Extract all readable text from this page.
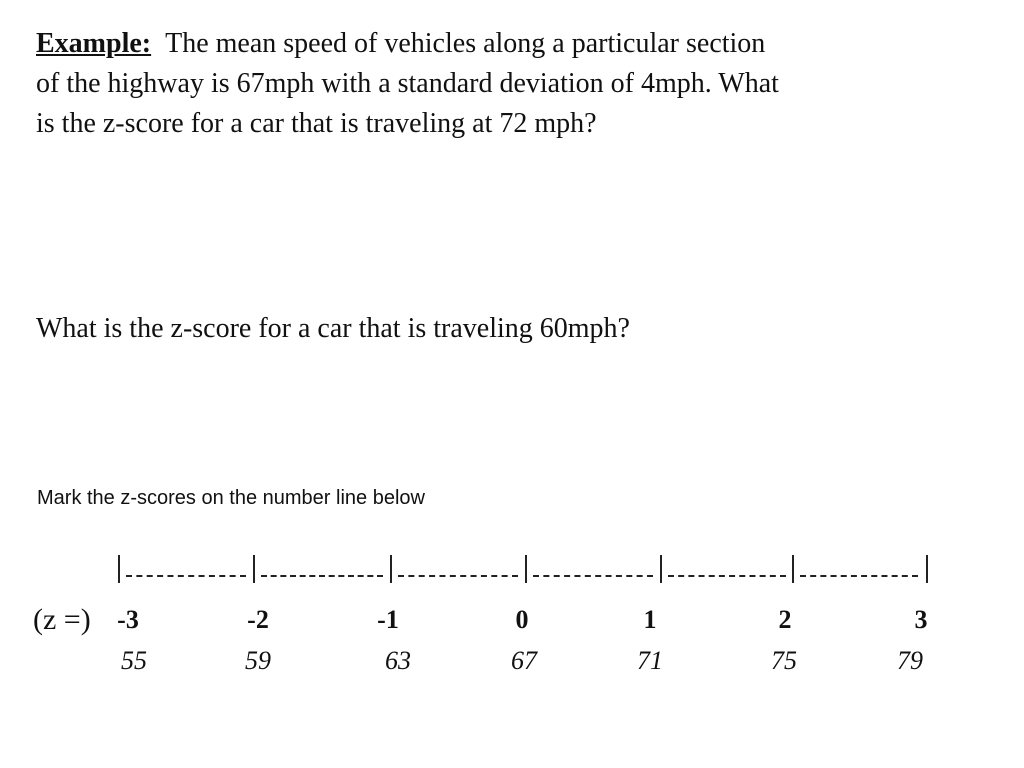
Example: The mean speed of vehicles along a particular section
of the highway is 67mph with a standard deviation of 4mph. What
is the z-score for a car that is traveling at 72 mph?
What is the z-score for a car that is traveling 60mph?
Mark the z-scores on the number line below
(z =) -3	-2	-1	0	1	2	3
55	59	63	67	71	75	79
